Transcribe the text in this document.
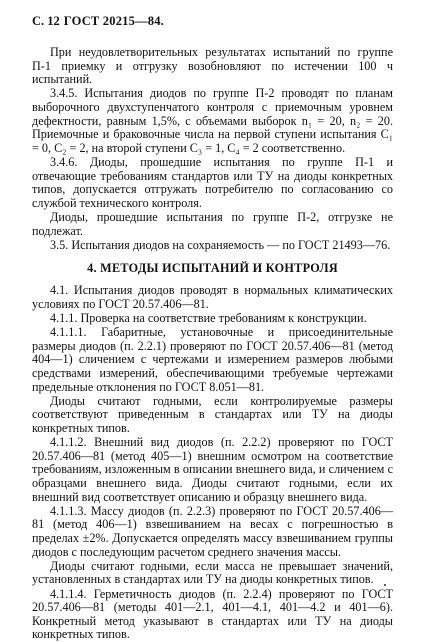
С. 12 ГОСТ 20215—84.

При неудовлетворительных результатах испытаний по группе П-1 приемку и отгрузку возобновляют по истечении 100 ч испытаний.

3.4.5. Испытания диодов по группе П-2 проводят по планам выборочного двухступенчатого контроля с приемочным уровнем дефектности, равным 1,5%, с объемами выборок n₁ = 20, n₂ = 20. Приемочные и браковочные числа на первой ступени испытания C₁ = 0, C₂ = 2, на второй ступени C₃ = 1, C₄ = 2 соответственно.

3.4.6. Диоды, прошедшие испытания по группе П-1 и отвечающие требованиям стандартов или ТУ на диоды конкретных типов, допускается отгружать потребителю по согласованию со службой технического контроля.

Диоды, прошедшие испытания по группе П-2, отгрузке не подлежат.

3.5. Испытания диодов на сохраняемость — по ГОСТ 21493—76.

4. МЕТОДЫ ИСПЫТАНИЙ И КОНТРОЛЯ

4.1. Испытания диодов проводят в нормальных климатических условиях по ГОСТ 20.57.406—81.

4.1.1. Проверка на соответствие требованиям к конструкции.

4.1.1.1. Габаритные, установочные и присоединительные размеры диодов (п. 2.2.1) проверяют по ГОСТ 20.57.406—81 (метод 404—1) сличением с чертежами и измерением размеров любыми средствами измерений, обеспечивающими требуемые чертежами предельные отклонения по ГОСТ 8.051—81.

Диоды считают годными, если контролируемые размеры соответствуют приведенным в стандартах или ТУ на диоды конкретных типов.

4.1.1.2. Внешний вид диодов (п. 2.2.2) проверяют по ГОСТ 20.57.406—81 (метод 405—1) внешним осмотром на соответствие требованиям, изложенным в описании внешнего вида, и сличением с образцами внешнего вида. Диоды считают годными, если их внешний вид соответствует описанию и образцу внешнего вида.

4.1.1.3. Массу диодов (п. 2.2.3) проверяют по ГОСТ 20.57.406—81 (метод 406—1) взвешиванием на весах с погрешностью в пределах ±2%. Допускается определять массу взвешиванием группы диодов с последующим расчетом среднего значения массы.

Диоды считают годными, если масса не превышает значений, установленных в стандартах или ТУ на диоды конкретных типов.

4.1.1.4. Герметичность диодов (п. 2.2.4) проверяют по ГОСТ 20.57.406—81 (методы 401—2.1, 401—4.1, 401—4.2 и 401—6). Конкретный метод указывают в стандартах или ТУ на диоды конкретных типов.
